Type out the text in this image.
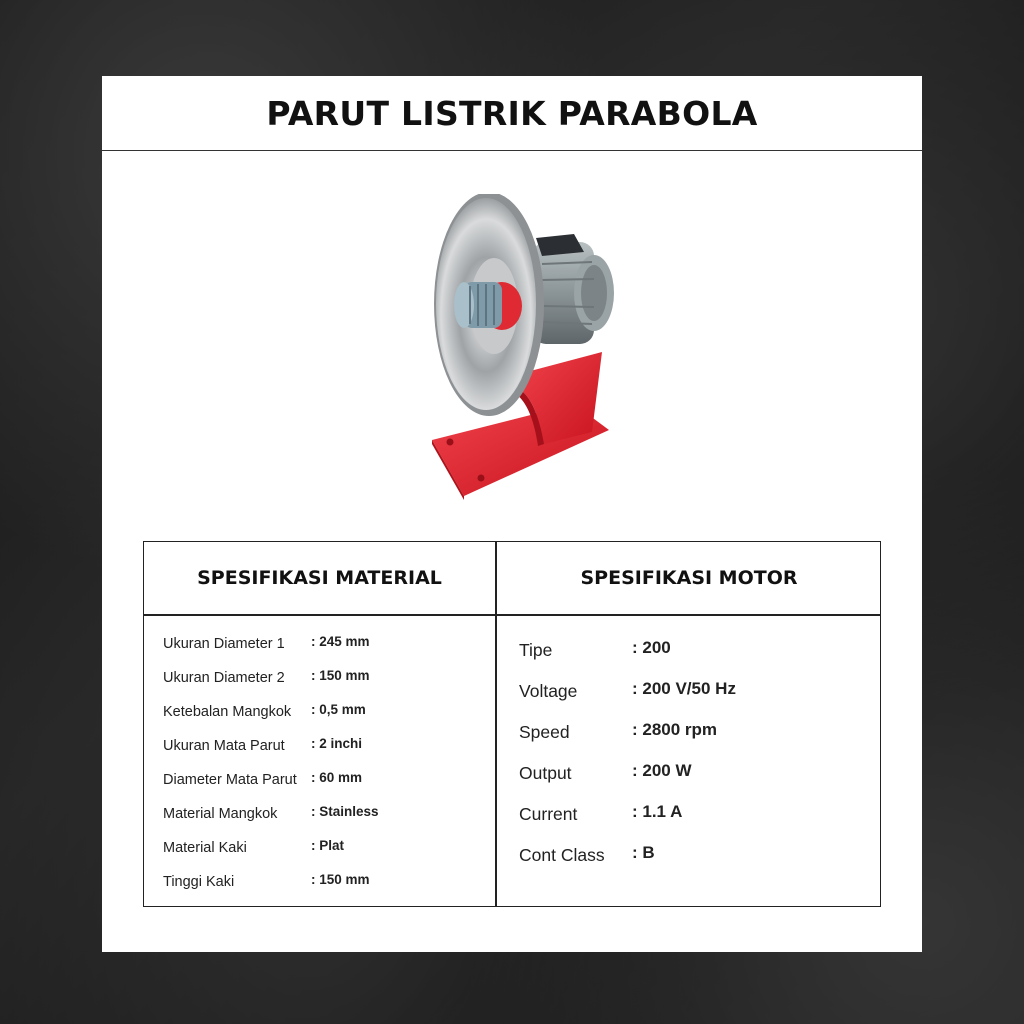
PARUT LISTRIK PARABOLA
SPESIFIKASI MATERIAL	SPESIFIKASI MOTOR
Ukuran Diameter 1 : 245 mm
Ukuran Diameter 2 : 150 mm
Ketebalan Mangkok : 0,5 mm
Ukuran Mata Parut : 2 inchi
Diameter Mata Parut : 60 mm
Material Mangkok : Stainless
Material Kaki	: Plat
Tinggi Kaki	: 150 mm
Tipe	: 200
Voltage	: 200 V/50 Hz
Speed	: 2800 rpm
Output	: 200 W
Current	: 1.1 A
Cont Class : B
